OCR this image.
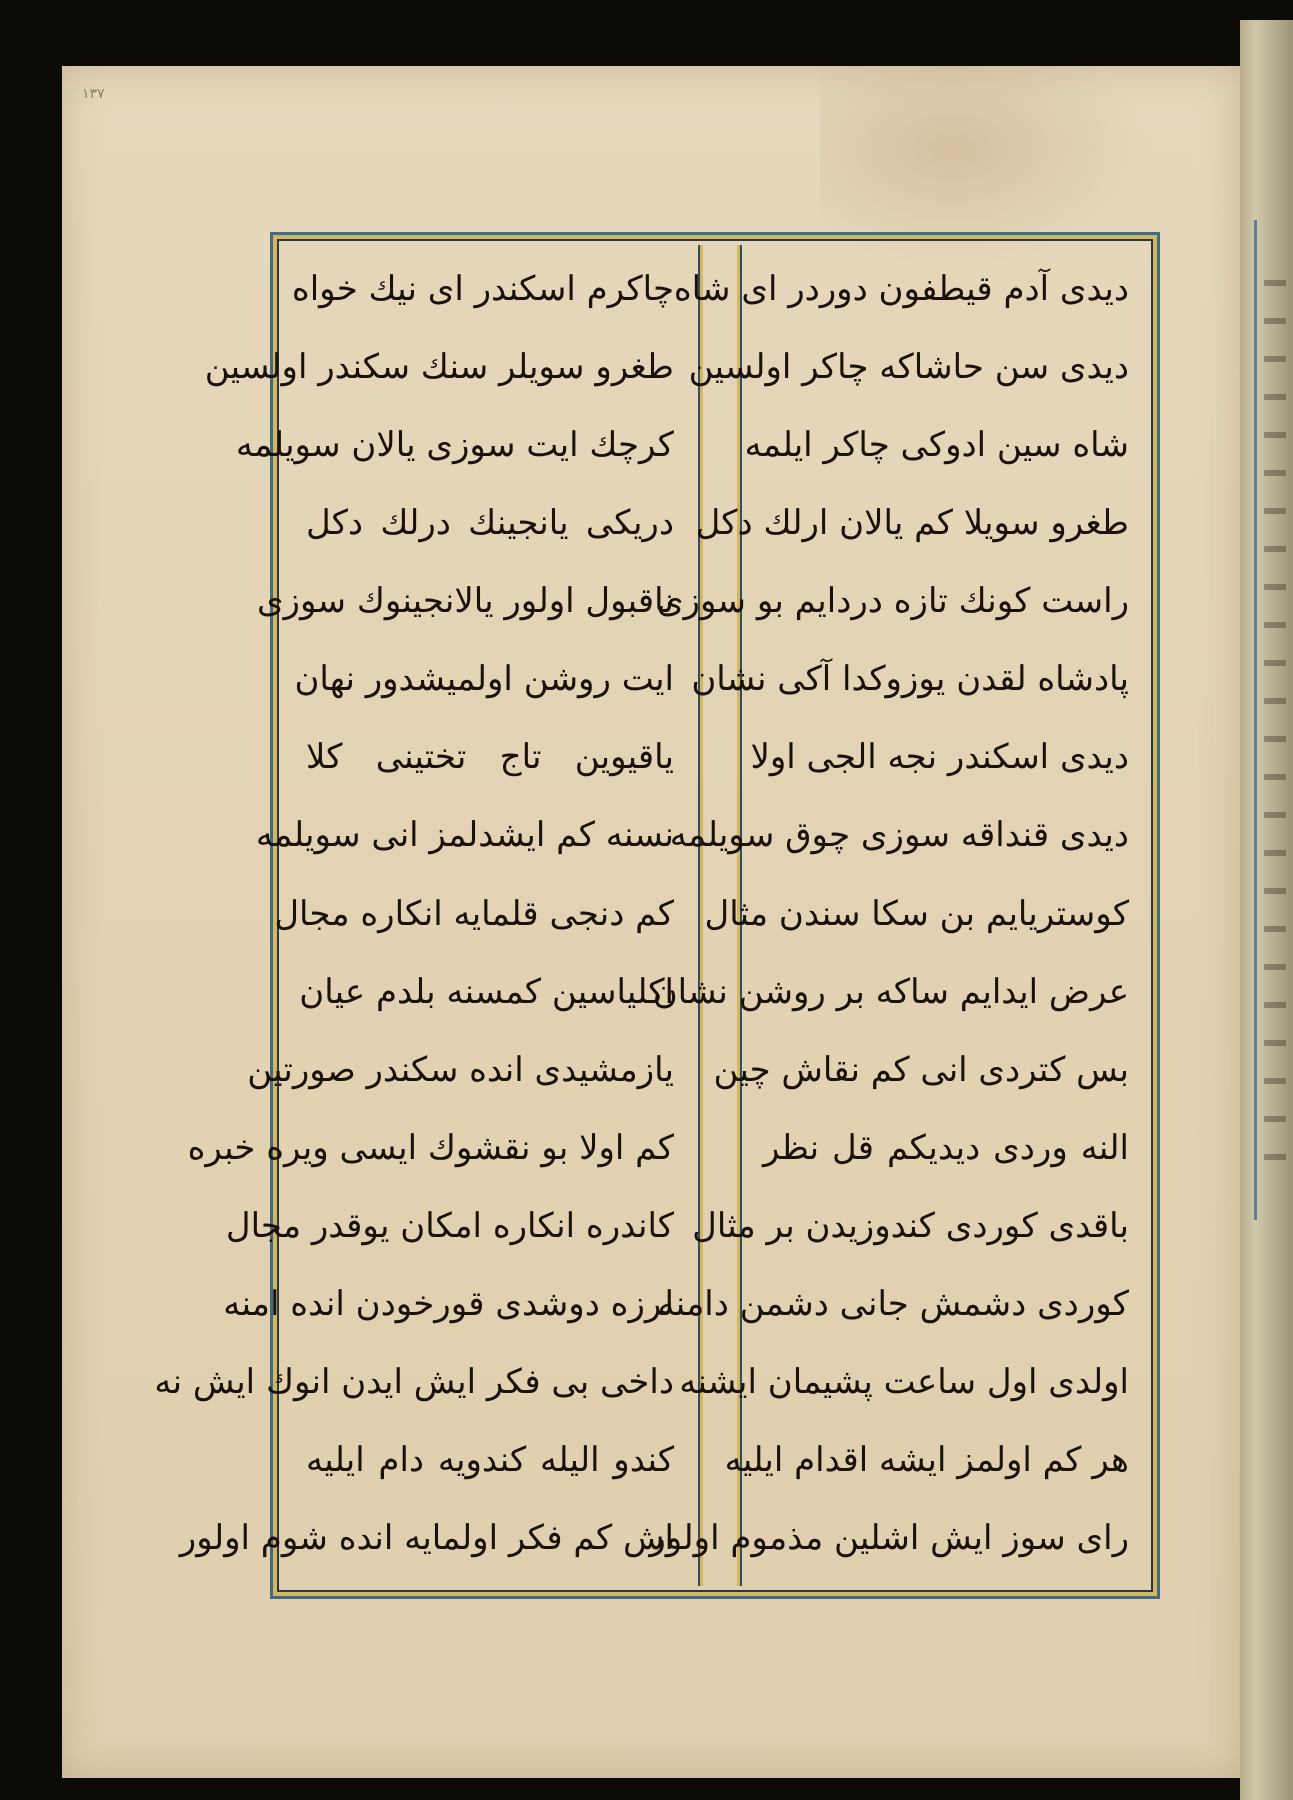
١٣٧
چاکرم اسکندر ای نیك خواه
طغرو سویلر سنك سکندر اولسین
کرچك ایت سوزی یالان سویلمه
دریکی یانجینك درلك دکل
ناقبول اولور یالانجینوك سوزی
ایت روشن اولمیشدور نهان
یاقیوین تاج تختینی کلا
نسنه کم ایشدلمز انی سویلمه
کم دنجی قلمایه انکاره مجال
اکلیاسین کمسنه بلدم عیان
یازمشیدی انده سکندر صورتین
کم اولا بو نقشوك ایسی ویره خبره
کاندره انکاره امکان یوقدر مجال
لرزه دوشدی قورخودن انده امنه
داخی بی فکر ایش ایدن انوك ایش نه
کندو الیله کندویه دام ایلیه
اش کم فکر اولمایه انده شوم اولور
دیدی آدم قیطفون دوردر ای شاه
دیدی سن حاشاکه چاکر اولسین
شاه سین ادوکی چاکر ایلمه
طغرو سویلا کم یالان ارلك دکل
راست کونك تازه دردایم بو سوزی
پادشاه لقدن یوزوکدا آکی نشان
دیدی اسکندر نجه الجی اولا
دیدی قنداقه سوزی چوق سویلمه
کوستریایم بن سکا سندن مثال
عرض ایدایم ساکه بر روشن نشان
بس کتردی انی کم نقاش چین
النه وردی دیدیکم قل نظر
باقدی کوردی کندوزیدن بر مثال
کوردی دشمش جانی دشمن دامنه
اولدی اول ساعت پشیمان ایشنه
هر کم اولمز ایشه اقدام ایلیه
رای سوز ایش اشلین مذموم اولور
